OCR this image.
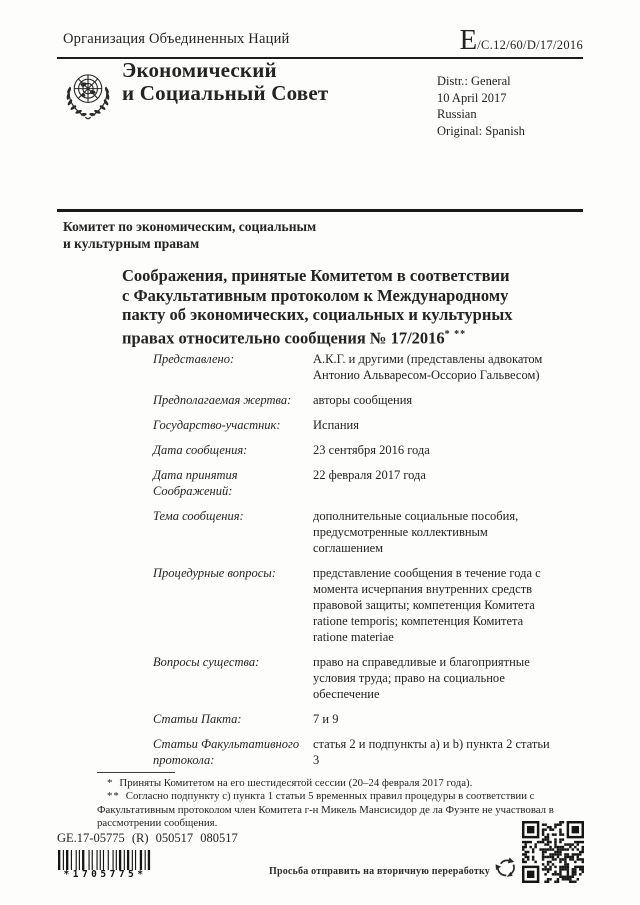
Организация Объединенных Наций	E /C.12/60/D/17/2016
Экономический
и Социальный Совет	Distr.: General
10 April 2017
Russian
Original: Spanish
Комитет по экономическим, социальным
и культурным правам
Соображения, принятые Комитетом в соответствии
с Факультативным протоколом к Международному
пакту об экономических, социальных и культурных
правах относительно сообщения № 17/2016* **
Представлено:	А.К.Г. и другими (представлены адвокатом Антонио Альваресом-Оссорио Гальвесом)
Предполагаемая жертва:	авторы сообщения
Государство-участник:	Испания
Дата сообщения:	23 сентября 2016 года
Дата принятия Соображений:
22 февраля 2017 года
Тема сообщения:	дополнительные социальные пособия, предусмотренные коллективным соглашением
Процедурные вопросы:	представление сообщения в течение года с момента исчерпания внутренних средств правовой защиты; компетенция Комитета ratione temporis; компетенция Комитета ratione materiae
Вопросы существа:	право на справедливые и благоприятные условия труда; право на социальное обеспечение
Статьи Пакта:	7 и 9
Статьи Факультативного протокола:
статья 2 и подпункты a) и b) пункта 2 статьи 3
* Приняты Комитетом на его шестидесятой сессии (20–24 февраля 2017 года).
** Согласно подпункту c) пункта 1 статьи 5 временных правил процедуры в соответствии с Факультативным протоколом член Комитета г-н Микель Мансисидор де ла Фуэнте не участвовал в рассмотрении сообщения.
GE.17-05775 (R) 050517 080517
*1705775*	Просьба отправить на вторичную переработку
